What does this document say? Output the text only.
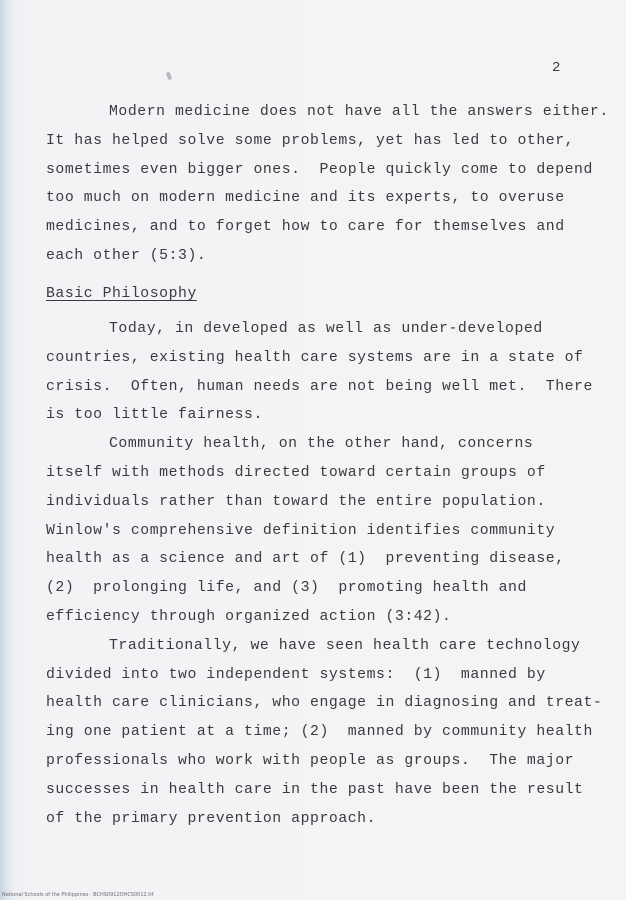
2
Modern medicine does not have all the answers either.
It has helped solve some problems, yet has led to other,
sometimes even bigger ones.  People quickly come to depend
too much on modern medicine and its experts, to overuse
medicines, and to forget how to care for themselves and
each other (5:3).
Basic Philosophy
Today, in developed as well as under-developed
countries, existing health care systems are in a state of
crisis.  Often, human needs are not being well met.  There
is too little fairness.
Community health, on the other hand, concerns
itself with methods directed toward certain groups of
individuals rather than toward the entire population.
Winlow's comprehensive definition identifies community
health as a science and art of (1)  preventing disease,
(2)  prolonging life, and (3)  promoting health and
efficiency through organized action (3:42).
Traditionally, we have seen health care technology
divided into two independent systems:  (1)  manned by
health care clinicians, who engage in diagnosing and treat-
ing one patient at a time; (2)  manned by community health
professionals who work with people as groups.  The major
successes in health care in the past have been the result
of the primary prevention approach.
National Schools of the Philippines · BCHS0912OHCS0012.tif
